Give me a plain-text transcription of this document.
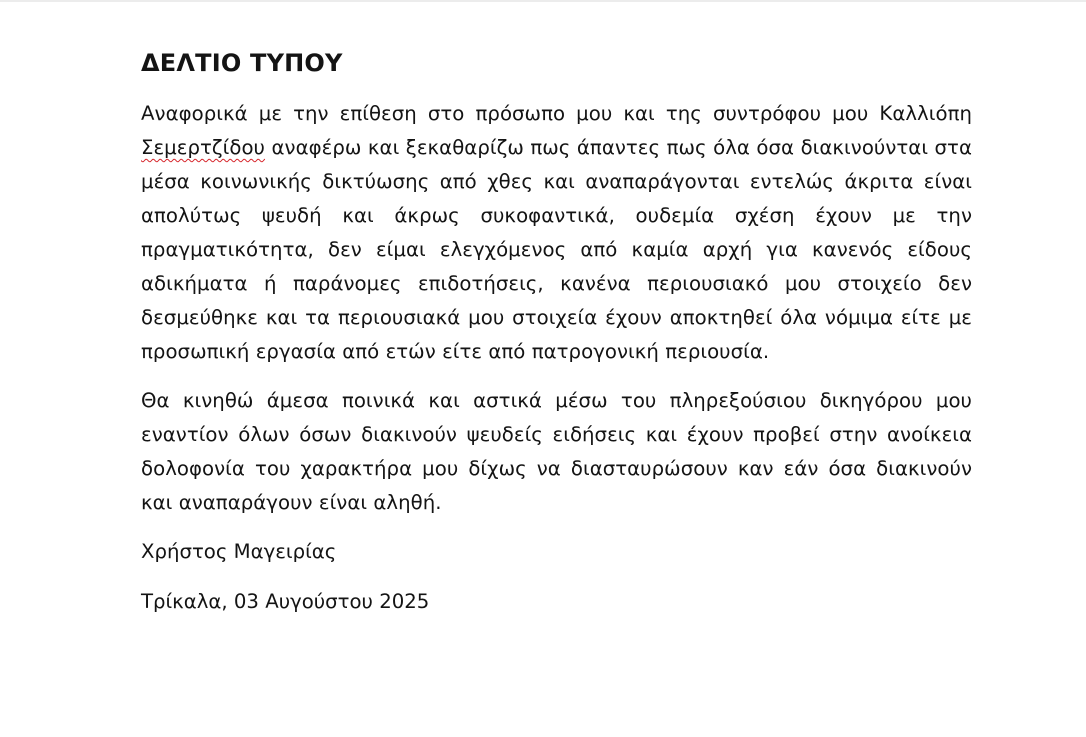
ΔΕΛΤΙΟ ΤΥΠΟΥ

Αναφορικά με την επίθεση στο πρόσωπο μου και της συντρόφου μου Καλλιόπη Σεμερτζίδου αναφέρω και ξεκαθαρίζω πως άπαντες πως όλα όσα διακινούνται στα μέσα κοινωνικής δικτύωσης από χθες και αναπαράγονται εντελώς άκριτα είναι απολύτως ψευδή και άκρως συκοφαντικά, ουδεμία σχέση έχουν με την πραγματικότητα, δεν είμαι ελεγχόμενος από καμία αρχή για κανενός είδους αδικήματα ή παράνομες επιδοτήσεις, κανένα περιουσιακό μου στοιχείο δεν δεσμεύθηκε και τα περιουσιακά μου στοιχεία έχουν αποκτηθεί όλα νόμιμα είτε με προσωπική εργασία από ετών είτε από πατρογονική περιουσία.

Θα κινηθώ άμεσα ποινικά και αστικά μέσω του πληρεξούσιου δικηγόρου μου εναντίον όλων όσων διακινούν ψευδείς ειδήσεις και έχουν προβεί στην ανοίκεια δολοφονία του χαρακτήρα μου δίχως να διασταυρώσουν καν εάν όσα διακινούν και αναπαράγουν είναι αληθή.

Χρήστος Μαγειρίας
Τρίκαλα, 03 Αυγούστου 2025
